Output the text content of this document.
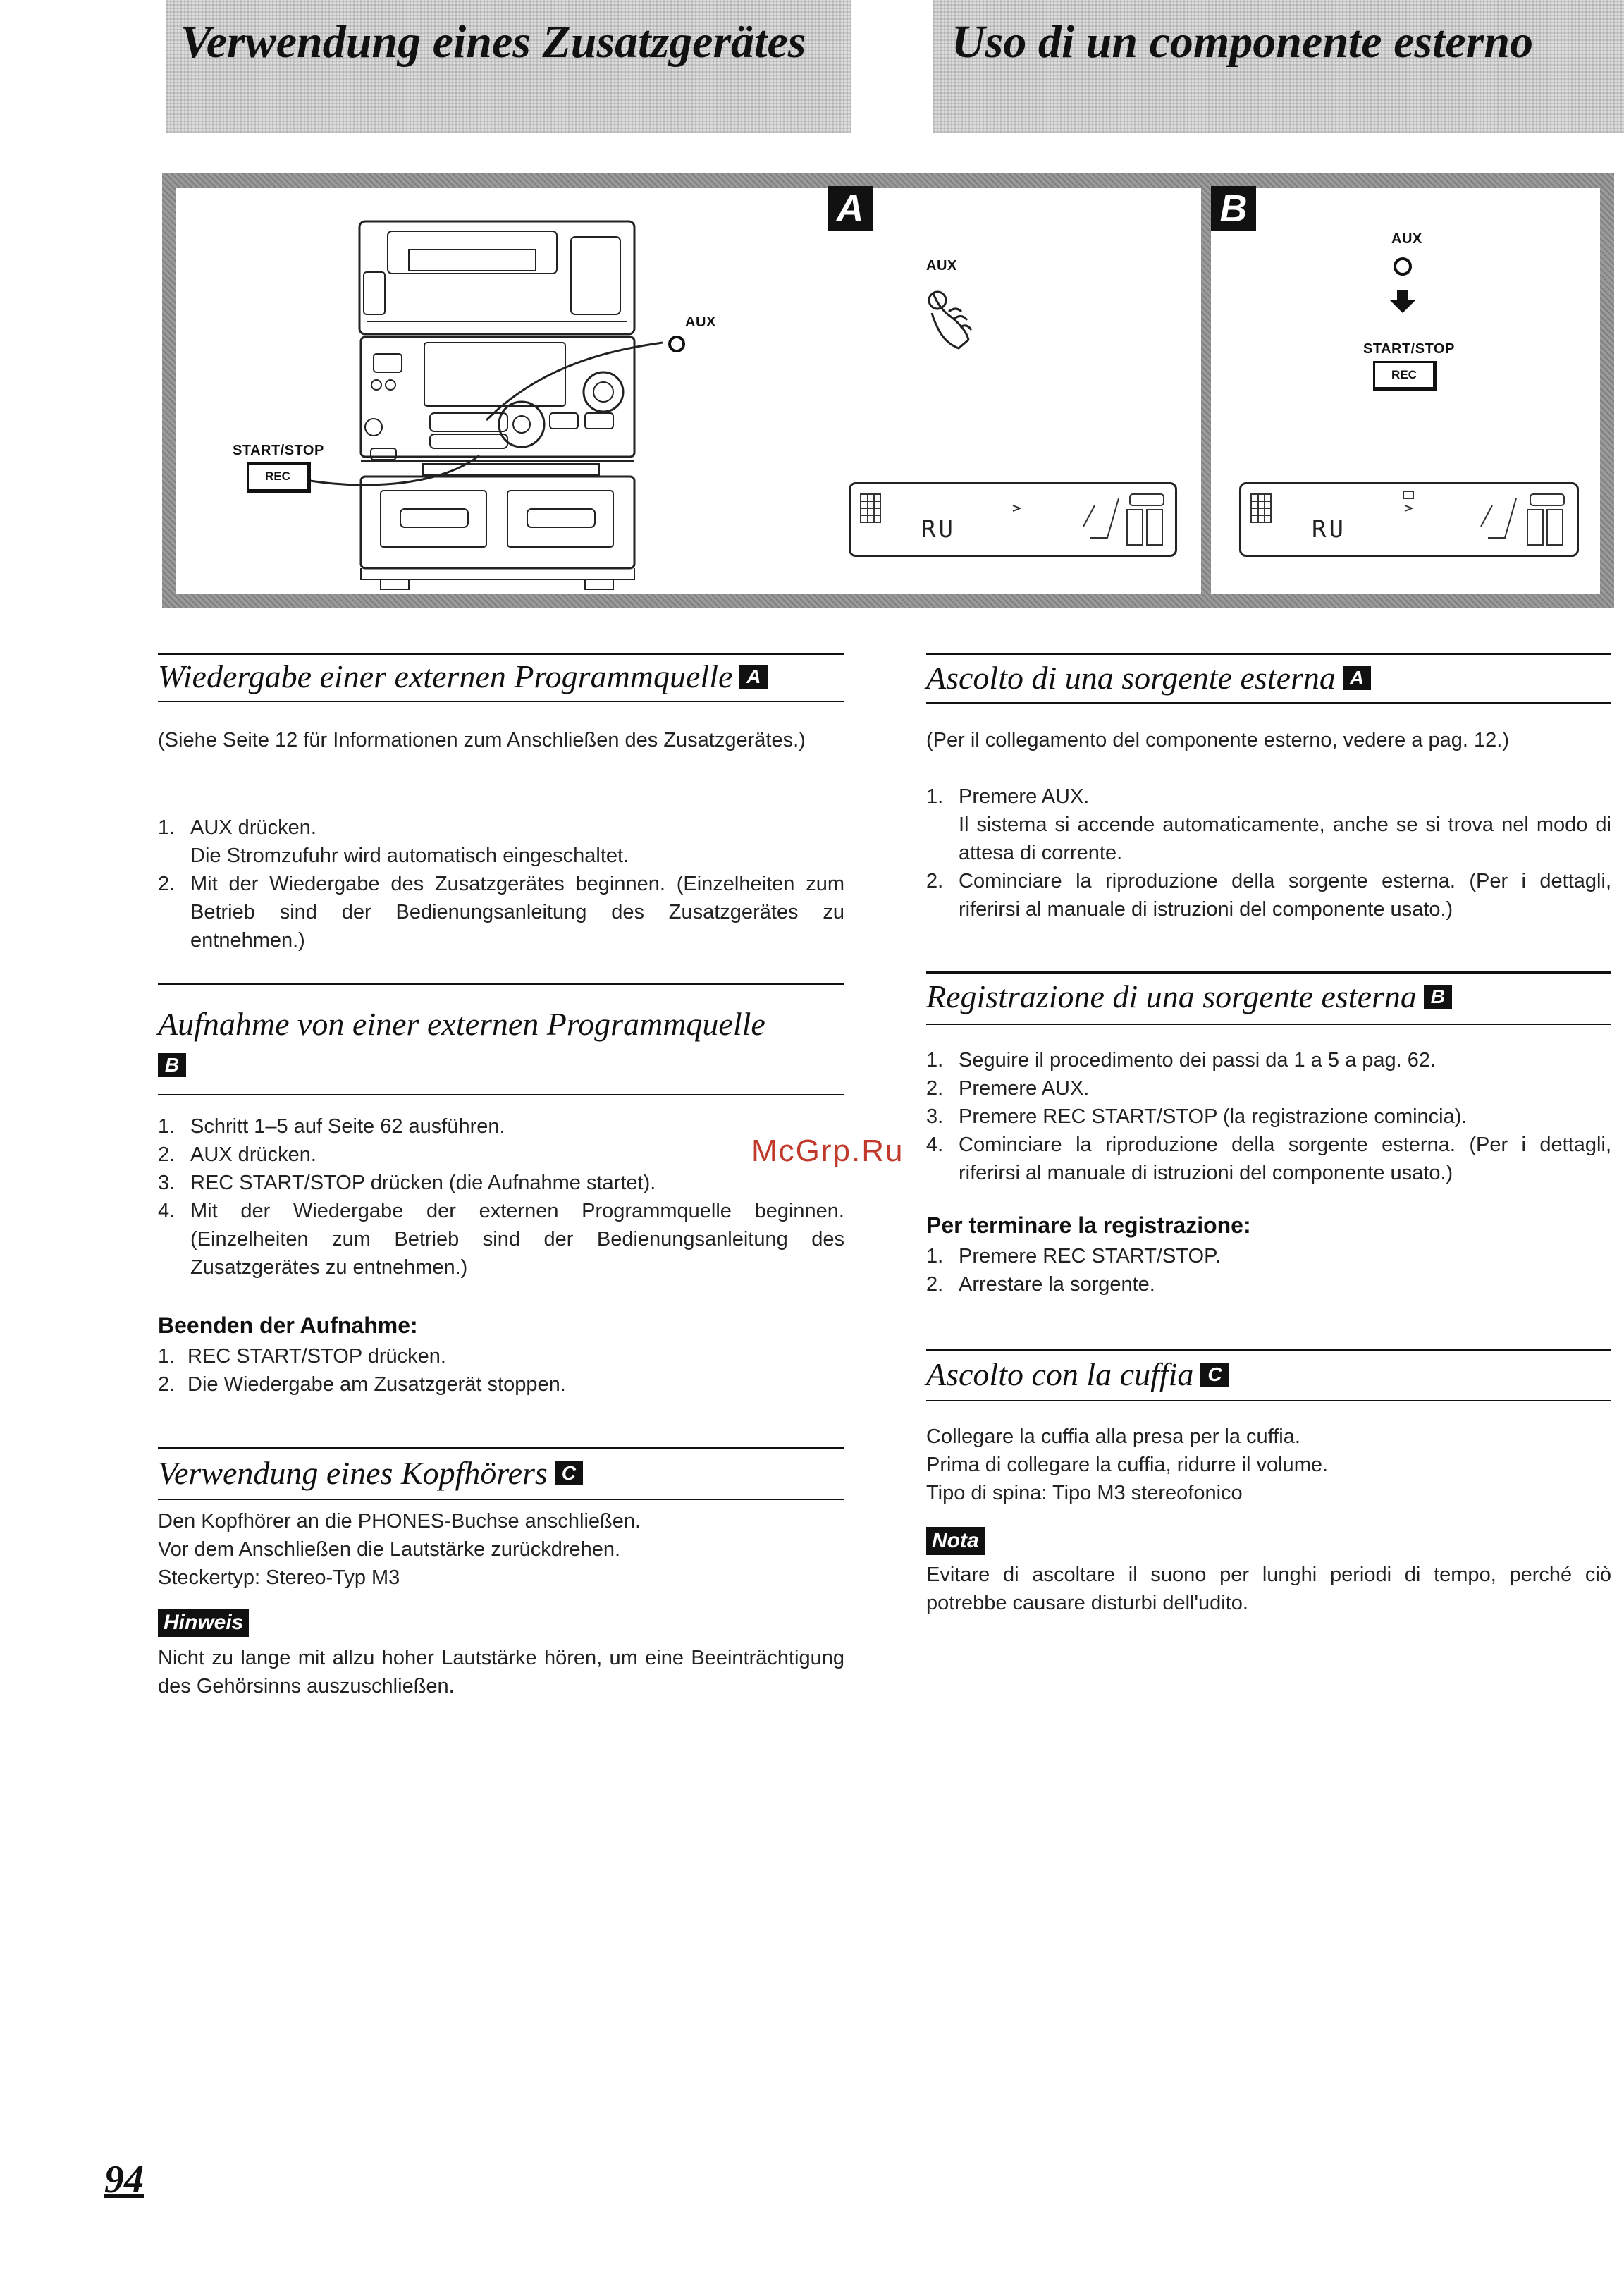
Verwendung eines Zusatzgerätes	Uso di un componente esterno
AUX
START/STOP
REC
A
AUX
RU
B
AUX
START/STOP
REC
RU
Wiedergabe einer externen Programmquelle A
(Siehe Seite 12 für Informationen zum Anschließen des Zusatzgerätes.)
1. AUX drücken.
Die Stromzufuhr wird automatisch eingeschaltet.
2. Mit der Wiedergabe des Zusatzgerätes beginnen. (Einzelheiten zum Betrieb sind der Bedienungsanleitung des Zusatzgerätes zu entnehmen.)
Aufnahme von einer externen Programmquelle
B
1. Schritt 1–5 auf Seite 62 ausführen.
2. AUX drücken.
3. REC START/STOP drücken (die Aufnahme startet).
4. Mit der Wiedergabe der externen Programmquelle beginnen. (Einzelheiten zum Betrieb sind der Bedienungsanleitung des Zusatzgerätes zu entnehmen.)
Beenden der Aufnahme:
1. REC START/STOP drücken.
2. Die Wiedergabe am Zusatzgerät stoppen.
Verwendung eines Kopfhörers C

Den Kopfhörer an die PHONES-Buchse anschließen.

Vor dem Anschließen die Lautstärke zurückdrehen.

Steckertyp: Stereo-Typ M3

Hinweis
Nicht zu lange mit allzu hoher Lautstärke hören, um eine Beeinträchtigung des Gehörsinns auszuschließen.
Ascolto di una sorgente esterna A
(Per il collegamento del componente esterno, vedere a pag. 12.)
1. Premere AUX.
Il sistema si accende automaticamente, anche se si trova nel modo di attesa di corrente.
2. Cominciare la riproduzione della sorgente esterna. (Per i dettagli, riferirsi al manuale di istruzioni del componente usato.)
Registrazione di una sorgente esterna B
1. Seguire il procedimento dei passi da 1 a 5 a pag. 62.
2. Premere AUX.
3. Premere REC START/STOP (la registrazione comincia).
4. Cominciare la riproduzione della sorgente esterna. (Per i dettagli, riferirsi al manuale di istruzioni del componente usato.)
Per terminare la registrazione:
1. Premere REC START/STOP.
2. Arrestare la sorgente.
Ascolto con la cuffia C

Collegare la cuffia alla presa per la cuffia.

Prima di collegare la cuffia, ridurre il volume.

Tipo di spina: Tipo M3 stereofonico

Nota
Evitare di ascoltare il suono per lunghi periodi di tempo, perché ciò potrebbe causare disturbi dell'udito.
McGrp.Ru
94
